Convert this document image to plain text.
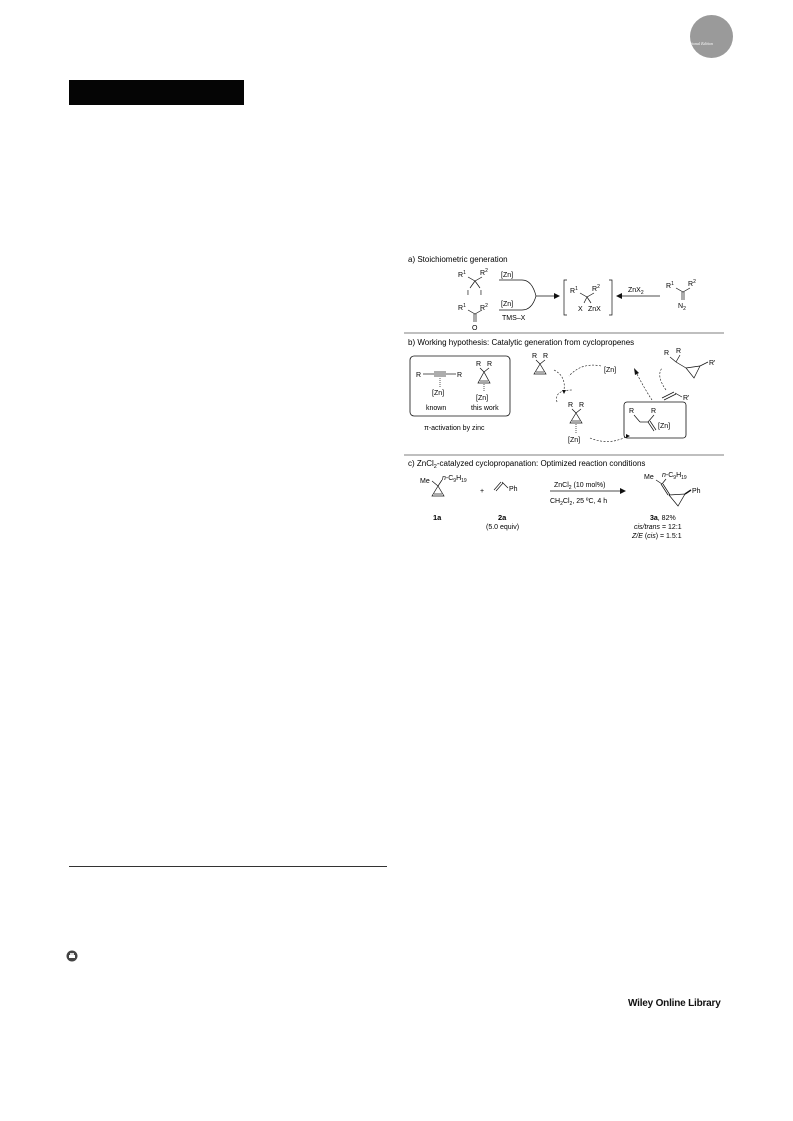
International Edition
Wiley Online Library
a) Stoichiometric generation
$R^1$ $R^2$
I I
$R^1$ $R^2$
O
[Zn]
[Zn]
TMS–X
$R^1$ $R^2$
X ZnX
ZnX$_2$
$R^1$ $R^2$
$N_2$
b) Working hypothesis: Catalytic generation from cyclopropenes
R	R
[Zn]
known
R R
[Zn]
this work
π-activation by zinc
R R
[Zn]
R R
[Zn]
R R
[Zn]
R R
R'
R'
c) ZnCl$_2$-catalyzed cyclopropanation: Optimized reaction conditions
Me $n-C_9H_{19}$
1a
+	Ph
2a
(5.0 equiv)
ZnCl$_2$ (10 mol%)
$CH_2Cl_2$, 25 ºC, 4 h
Me $n-C_9H_{19}$
Ph
3a, 82%
cis/trans = 12:1
Z/E (cis) = 1.5:1
